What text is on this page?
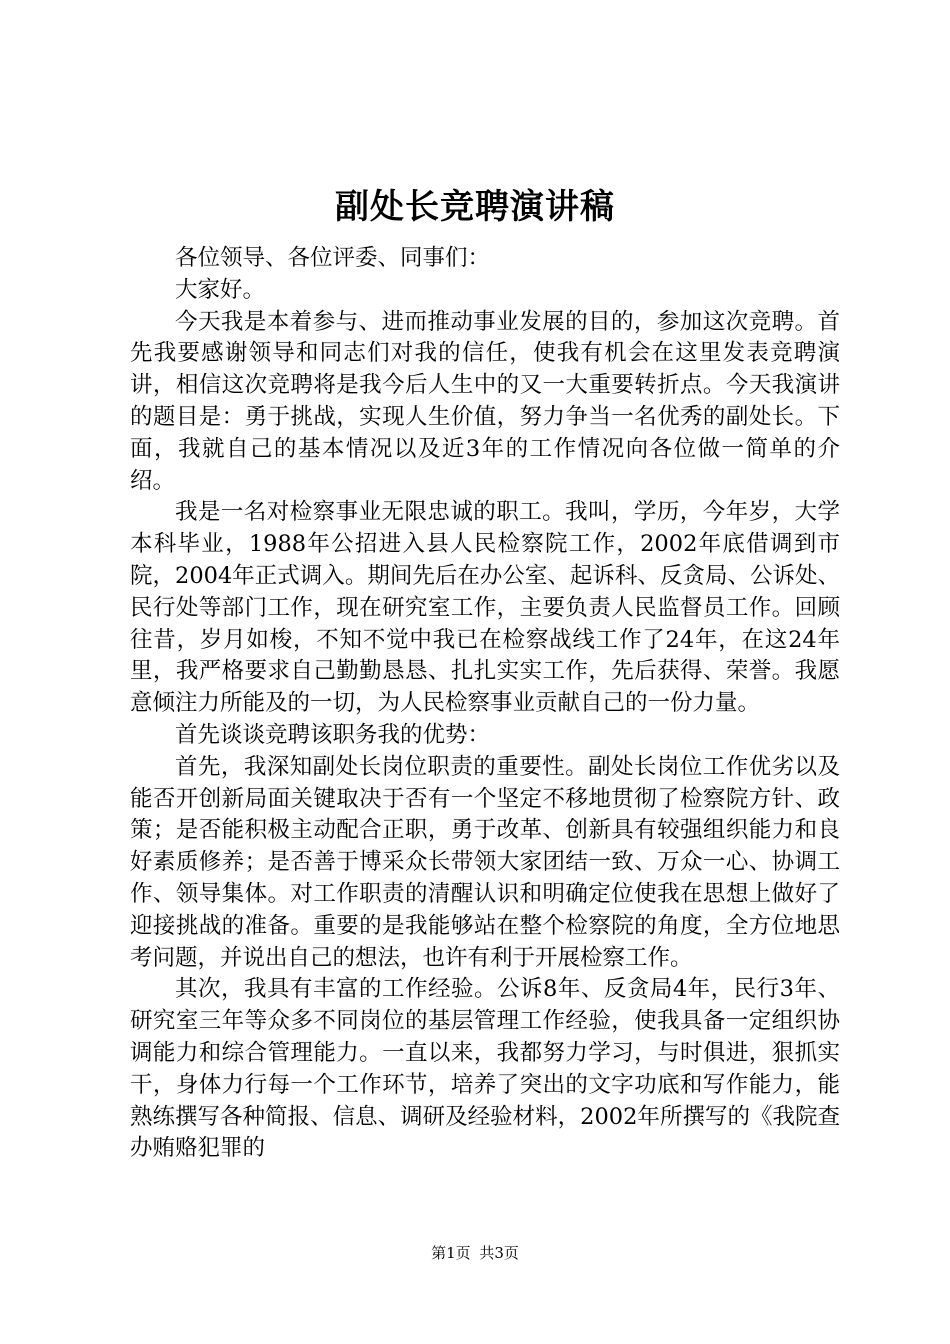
副处长竞聘演讲稿

各位领导、各位评委、同事们：

大家好。

今天我是本着参与、进而推动事业发展的目的，参加这次竞聘。首先我要感谢领导和同志们对我的信任，使我有机会在这里发表竞聘演讲，相信这次竞聘将是我今后人生中的又一大重要转折点。今天我演讲的题目是：勇于挑战，实现人生价值，努力争当一名优秀的副处长。下面，我就自己的基本情况以及近3年的工作情况向各位做一简单的介绍。

我是一名对检察事业无限忠诚的职工。我叫，学历，今年岁，大学本科毕业，1988年公招进入县人民检察院工作，2002年底借调到市院，2004年正式调入。期间先后在办公室、起诉科、反贪局、公诉处、民行处等部门工作，现在研究室工作，主要负责人民监督员工作。回顾往昔，岁月如梭，不知不觉中我已在检察战线工作了24年，在这24年里，我严格要求自己勤勤恳恳、扎扎实实工作，先后获得、荣誉。我愿意倾注力所能及的一切，为人民检察事业贡献自己的一份力量。

首先谈谈竞聘该职务我的优势：

首先，我深知副处长岗位职责的重要性。副处长岗位工作优劣以及能否开创新局面关键取决于否有一个坚定不移地贯彻了检察院方针、政策；是否能积极主动配合正职，勇于改革、创新具有较强组织能力和良好素质修养；是否善于博采众长带领大家团结一致、万众一心、协调工作、领导集体。对工作职责的清醒认识和明确定位使我在思想上做好了迎接挑战的准备。重要的是我能够站在整个检察院的角度，全方位地思考问题，并说出自己的想法，也许有利于开展检察工作。

其次，我具有丰富的工作经验。公诉8年、反贪局4年，民行3年、研究室三年等众多不同岗位的基层管理工作经验，使我具备一定组织协调能力和综合管理能力。一直以来，我都努力学习，与时俱进，狠抓实干，身体力行每一个工作环节，培养了突出的文字功底和写作能力，能熟练撰写各种简报、信息、调研及经验材料，2002年所撰写的《我院查办贿赂犯罪的

第1页 共3页
